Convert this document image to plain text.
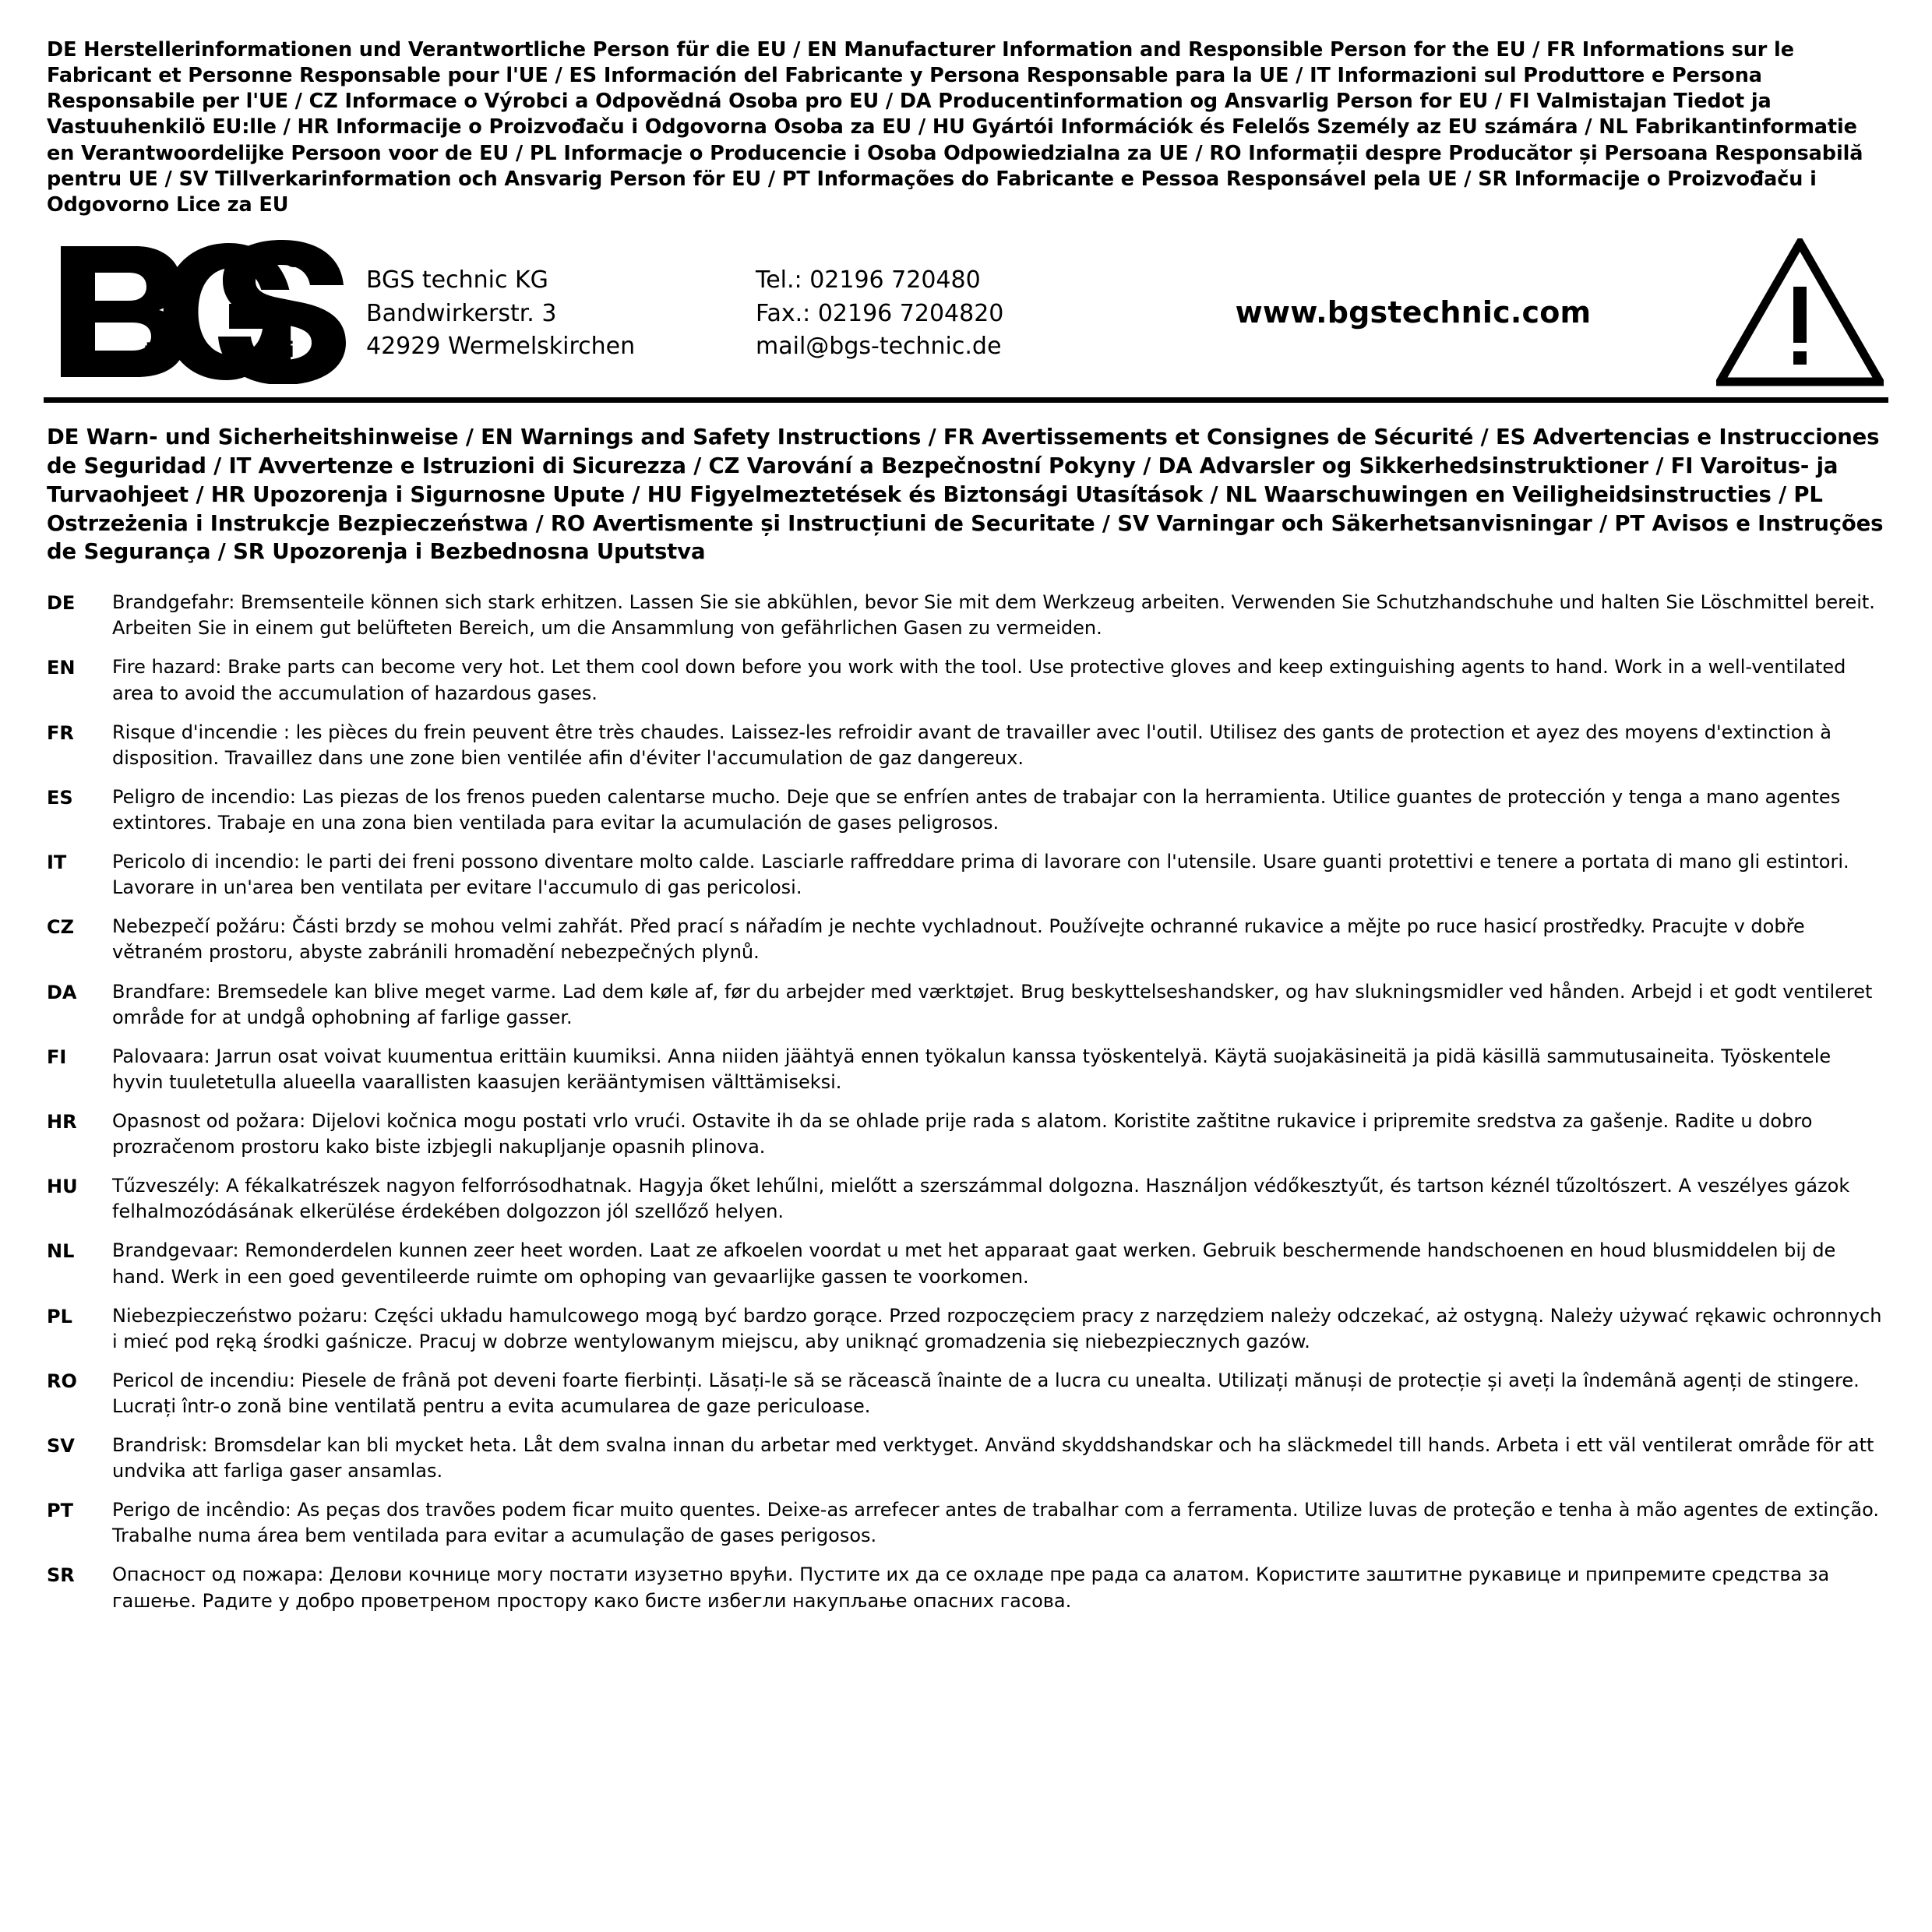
DE Herstellerinformationen und Verantwortliche Person für die EU / EN Manufacturer Information and Responsible Person for the EU / FR Informations sur le Fabricant et Personne Responsable pour l'UE / ES Información del Fabricante y Persona Responsable para la UE / IT Informazioni sul Produttore e Persona Responsabile per l'UE / CZ Informace o Výrobci a Odpovědná Osoba pro EU / DA Producentinformation og Ansvarlig Person for EU / FI Valmistajan Tiedot ja Vastuuhenkilö EU:lle / HR Informacije o Proizvođaču i Odgovorna Osoba za EU / HU Gyártói Információk és Felelős Személy az EU számára / NL Fabrikantinformatie en Verantwoordelijke Persoon voor de EU / PL Informacje o Producencie i Osoba Odpowiedzialna za UE / RO Informații despre Producător și Persoana Responsabilă pentru UE / SV Tillverkarinformation och Ansvarig Person för EU / PT Informações do Fabricante e Pessoa Responsável pela UE / SR Informacije o Proizvođaču i Odgovorno Lice za EU
®
t e c h n i c
BGS technic KG
Bandwirkerstr. 3
42929 Wermelskirchen
Tel.: 02196 720480
Fax.: 02196 7204820
mail@bgs-technic.de
www.bgstechnic.com
DE Warn- und Sicherheitshinweise / EN Warnings and Safety Instructions / FR Avertissements et Consignes de Sécurité / ES Advertencias e Instrucciones de Seguridad / IT Avvertenze e Istruzioni di Sicurezza / CZ Varování a Bezpečnostní Pokyny / DA Advarsler og Sikkerhedsinstruktioner / FI Varoitus- ja Turvaohjeet / HR Upozorenja i Sigurnosne Upute / HU Figyelmeztetések és Biztonsági Utasítások / NL Waarschuwingen en Veiligheidsinstructies / PL Ostrzeżenia i Instrukcje Bezpieczeństwa / RO Avertismente și Instrucțiuni de Securitate / SV Varningar och Säkerhetsanvisningar / PT Avisos e Instruções de Segurança / SR Upozorenja i Bezbednosna Uputstva
DE	Brandgefahr: Bremsenteile können sich stark erhitzen. Lassen Sie sie abkühlen, bevor Sie mit dem Werkzeug arbeiten. Verwenden Sie Schutzhandschuhe und halten Sie Löschmittel bereit. Arbeiten Sie in einem gut belüfteten Bereich, um die Ansammlung von gefährlichen Gasen zu vermeiden.
EN	Fire hazard: Brake parts can become very hot. Let them cool down before you work with the tool. Use protective gloves and keep extinguishing agents to hand. Work in a well-ventilated area to avoid the accumulation of hazardous gases.
FR	Risque d'incendie : les pièces du frein peuvent être très chaudes. Laissez-les refroidir avant de travailler avec l'outil. Utilisez des gants de protection et ayez des moyens d'extinction à disposition. Travaillez dans une zone bien ventilée afin d'éviter l'accumulation de gaz dangereux.
ES	Peligro de incendio: Las piezas de los frenos pueden calentarse mucho. Deje que se enfríen antes de trabajar con la herramienta. Utilice guantes de protección y tenga a mano agentes extintores. Trabaje en una zona bien ventilada para evitar la acumulación de gases peligrosos.
IT	Pericolo di incendio: le parti dei freni possono diventare molto calde. Lasciarle raffreddare prima di lavorare con l'utensile. Usare guanti protettivi e tenere a portata di mano gli estintori. Lavorare in un'area ben ventilata per evitare l'accumulo di gas pericolosi.
CZ	Nebezpečí požáru: Části brzdy se mohou velmi zahřát. Před prací s nářadím je nechte vychladnout. Používejte ochranné rukavice a mějte po ruce hasicí prostředky. Pracujte v dobře větraném prostoru, abyste zabránili hromadění nebezpečných plynů.
DA	Brandfare: Bremsedele kan blive meget varme. Lad dem køle af, før du arbejder med værktøjet. Brug beskyttelseshandsker, og hav slukningsmidler ved hånden. Arbejd i et godt ventileret område for at undgå ophobning af farlige gasser.
FI	Palovaara: Jarrun osat voivat kuumentua erittäin kuumiksi. Anna niiden jäähtyä ennen työkalun kanssa työskentelyä. Käytä suojakäsineitä ja pidä käsillä sammutusaineita. Työskentele hyvin tuuletetulla alueella vaarallisten kaasujen kerääntymisen välttämiseksi.
HR	Opasnost od požara: Dijelovi kočnica mogu postati vrlo vrući. Ostavite ih da se ohlade prije rada s alatom. Koristite zaštitne rukavice i pripremite sredstva za gašenje. Radite u dobro prozračenom prostoru kako biste izbjegli nakupljanje opasnih plinova.
HU	Tűzveszély: A fékalkatrészek nagyon felforrósodhatnak. Hagyja őket lehűlni, mielőtt a szerszámmal dolgozna. Használjon védőkesztyűt, és tartson kéznél tűzoltószert. A veszélyes gázok felhalmozódásának elkerülése érdekében dolgozzon jól szellőző helyen.
NL	Brandgevaar: Remonderdelen kunnen zeer heet worden. Laat ze afkoelen voordat u met het apparaat gaat werken. Gebruik beschermende handschoenen en houd blusmiddelen bij de hand. Werk in een goed geventileerde ruimte om ophoping van gevaarlijke gassen te voorkomen.
PL	Niebezpieczeństwo pożaru: Części układu hamulcowego mogą być bardzo gorące. Przed rozpoczęciem pracy z narzędziem należy odczekać, aż ostygną. Należy używać rękawic ochronnych i mieć pod ręką środki gaśnicze. Pracuj w dobrze wentylowanym miejscu, aby uniknąć gromadzenia się niebezpiecznych gazów.
RO	Pericol de incendiu: Piesele de frână pot deveni foarte fierbinți. Lăsați-le să se răcească înainte de a lucra cu unealta. Utilizați mănuși de protecție și aveți la îndemână agenți de stingere. Lucrați într-o zonă bine ventilată pentru a evita acumularea de gaze periculoase.
SV	Brandrisk: Bromsdelar kan bli mycket heta. Låt dem svalna innan du arbetar med verktyget. Använd skyddshandskar och ha släckmedel till hands. Arbeta i ett väl ventilerat område för att undvika att farliga gaser ansamlas.
PT	Perigo de incêndio: As peças dos travões podem ficar muito quentes. Deixe-as arrefecer antes de trabalhar com a ferramenta. Utilize luvas de proteção e tenha à mão agentes de extinção. Trabalhe numa área bem ventilada para evitar a acumulação de gases perigosos.
SR	Опасност од пожара: Делови кочнице могу постати изузетно врући. Пустите их да се охладе пре рада са алатом. Користите заштитне рукавице и припремите средства за гашење. Радите у добро проветреном простору како бисте избегли накупљање опасних гасова.
